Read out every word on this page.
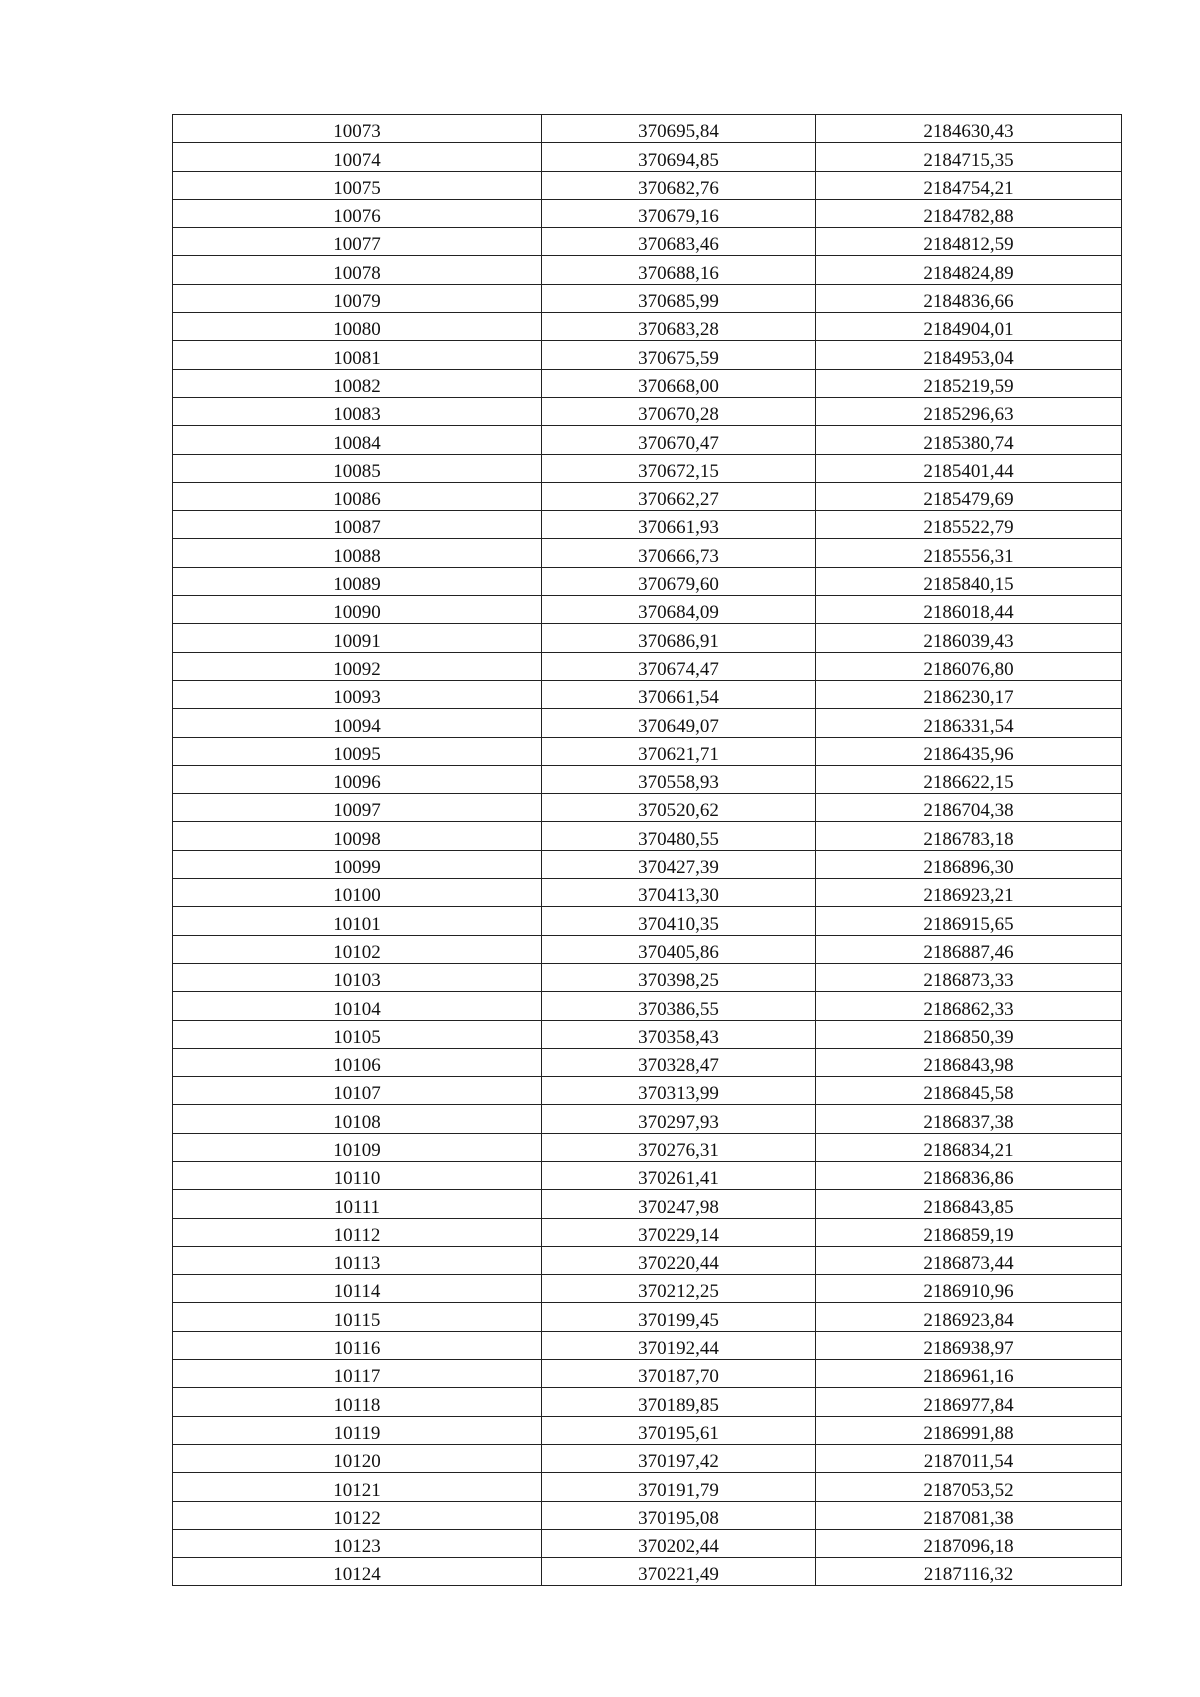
10073	370695,84	2184630,43
10074	370694,85	2184715,35
10075	370682,76	2184754,21
10076	370679,16	2184782,88
10077	370683,46	2184812,59
10078	370688,16	2184824,89
10079	370685,99	2184836,66
10080	370683,28	2184904,01
10081	370675,59	2184953,04
10082	370668,00	2185219,59
10083	370670,28	2185296,63
10084	370670,47	2185380,74
10085	370672,15	2185401,44
10086	370662,27	2185479,69
10087	370661,93	2185522,79
10088	370666,73	2185556,31
10089	370679,60	2185840,15
10090	370684,09	2186018,44
10091	370686,91	2186039,43
10092	370674,47	2186076,80
10093	370661,54	2186230,17
10094	370649,07	2186331,54
10095	370621,71	2186435,96
10096	370558,93	2186622,15
10097	370520,62	2186704,38
10098	370480,55	2186783,18
10099	370427,39	2186896,30
10100	370413,30	2186923,21
10101	370410,35	2186915,65
10102	370405,86	2186887,46
10103	370398,25	2186873,33
10104	370386,55	2186862,33
10105	370358,43	2186850,39
10106	370328,47	2186843,98
10107	370313,99	2186845,58
10108	370297,93	2186837,38
10109	370276,31	2186834,21
10110	370261,41	2186836,86
10111	370247,98	2186843,85
10112	370229,14	2186859,19
10113	370220,44	2186873,44
10114	370212,25	2186910,96
10115	370199,45	2186923,84
10116	370192,44	2186938,97
10117	370187,70	2186961,16
10118	370189,85	2186977,84
10119	370195,61	2186991,88
10120	370197,42	2187011,54
10121	370191,79	2187053,52
10122	370195,08	2187081,38
10123	370202,44	2187096,18
10124	370221,49	2187116,32
